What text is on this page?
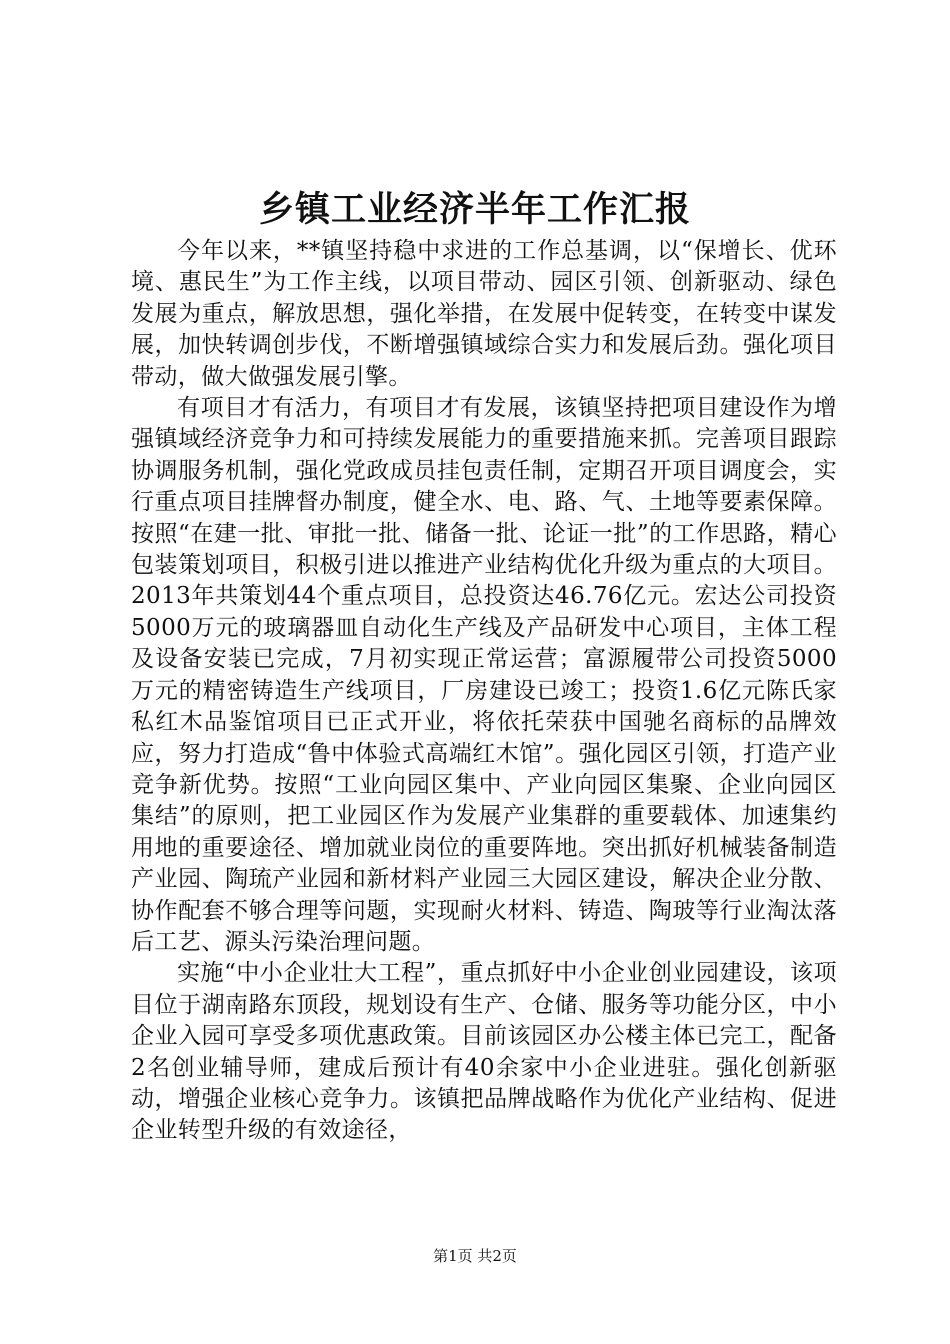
乡镇工业经济半年工作汇报

今年以来，**镇坚持稳中求进的工作总基调，以“保增长、优环境、惠民生”为工作主线，以项目带动、园区引领、创新驱动、绿色发展为重点，解放思想，强化举措，在发展中促转变，在转变中谋发展，加快转调创步伐，不断增强镇域综合实力和发展后劲。强化项目带动，做大做强发展引擎。

有项目才有活力，有项目才有发展，该镇坚持把项目建设作为增强镇域经济竞争力和可持续发展能力的重要措施来抓。完善项目跟踪协调服务机制，强化党政成员挂包责任制，定期召开项目调度会，实行重点项目挂牌督办制度，健全水、电、路、气、土地等要素保障。按照“在建一批、审批一批、储备一批、论证一批”的工作思路，精心包装策划项目，积极引进以推进产业结构优化升级为重点的大项目。2013年共策划44个重点项目，总投资达46.76亿元。宏达公司投资5000万元的玻璃器皿自动化生产线及产品研发中心项目，主体工程及设备安装已完成，7月初实现正常运营；富源履带公司投资5000万元的精密铸造生产线项目，厂房建设已竣工；投资1.6亿元陈氏家私红木品鉴馆项目已正式开业，将依托荣获中国驰名商标的品牌效应，努力打造成“鲁中体验式高端红木馆”。强化园区引领，打造产业竞争新优势。按照“工业向园区集中、产业向园区集聚、企业向园区集结”的原则，把工业园区作为发展产业集群的重要载体、加速集约用地的重要途径、增加就业岗位的重要阵地。突出抓好机械装备制造产业园、陶琉产业园和新材料产业园三大园区建设，解决企业分散、协作配套不够合理等问题，实现耐火材料、铸造、陶玻等行业淘汰落后工艺、源头污染治理问题。

实施“中小企业壮大工程”，重点抓好中小企业创业园建设，该项目位于湖南路东顶段，规划设有生产、仓储、服务等功能分区，中小企业入园可享受多项优惠政策。目前该园区办公楼主体已完工，配备2名创业辅导师，建成后预计有40余家中小企业进驻。强化创新驱动，增强企业核心竞争力。该镇把品牌战略作为优化产业结构、促进企业转型升级的有效途径，

第1页 共2页
